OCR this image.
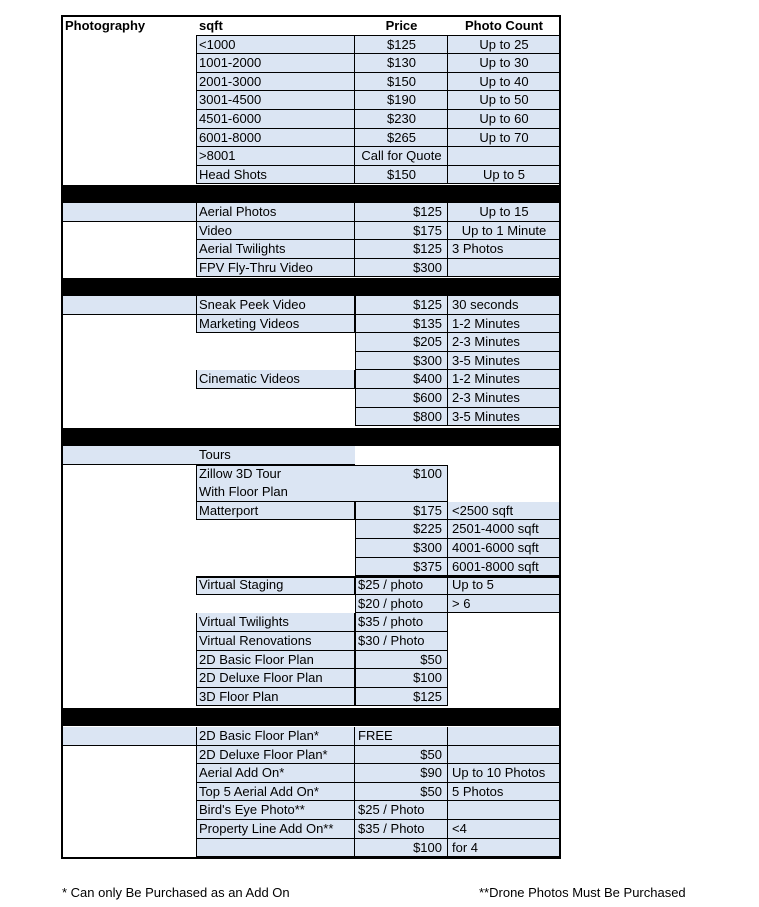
Photography	sqft	Price	Photo Count
<1000	$125	Up to 25
1001-2000	$130	Up to 30
2001-3000	$150	Up to 40
3001-4500	$190	Up to 50
4501-6000	$230	Up to 60
6001-8000	$265	Up to 70
>8001	Call for Quote
Head Shots	$150	Up to 5
Aerial Photos	$125	Up to 15
Video	$175	Up to 1 Minute
Aerial Twilights	$125 3 Photos
FPV Fly-Thru Video	$300
Sneak Peek Video	$125 30 seconds
Marketing Videos	$135 1-2 Minutes
$205 2-3 Minutes
$300 3-5 Minutes
Cinematic Videos	$400 1-2 Minutes
$600 2-3 Minutes
$800 3-5 Minutes
Tours
Zillow 3D Tour
With Floor Plan
$100
Matterport	$175 <2500 sqft
$225 2501-4000 sqft
$300 4001-6000 sqft
$375 6001-8000 sqft
Virtual Staging	$25 / photo	Up to 5
$20 / photo	> 6
Virtual Twilights	$35 / photo
Virtual Renovations	$30 / Photo
2D Basic Floor Plan	$50
2D Deluxe Floor Plan	$100
3D Floor Plan	$125
2D Basic Floor Plan*	FREE
2D Deluxe Floor Plan*	$50
Aerial Add On*	$90 Up to 10 Photos
Top 5 Aerial Add On*	$50 5 Photos
Bird's Eye Photo**	$25 / Photo
Property Line Add On**	$35 / Photo	<4
$100 for 4
* Can only Be Purchased as an Add On	**Drone Photos Must Be Purchased
